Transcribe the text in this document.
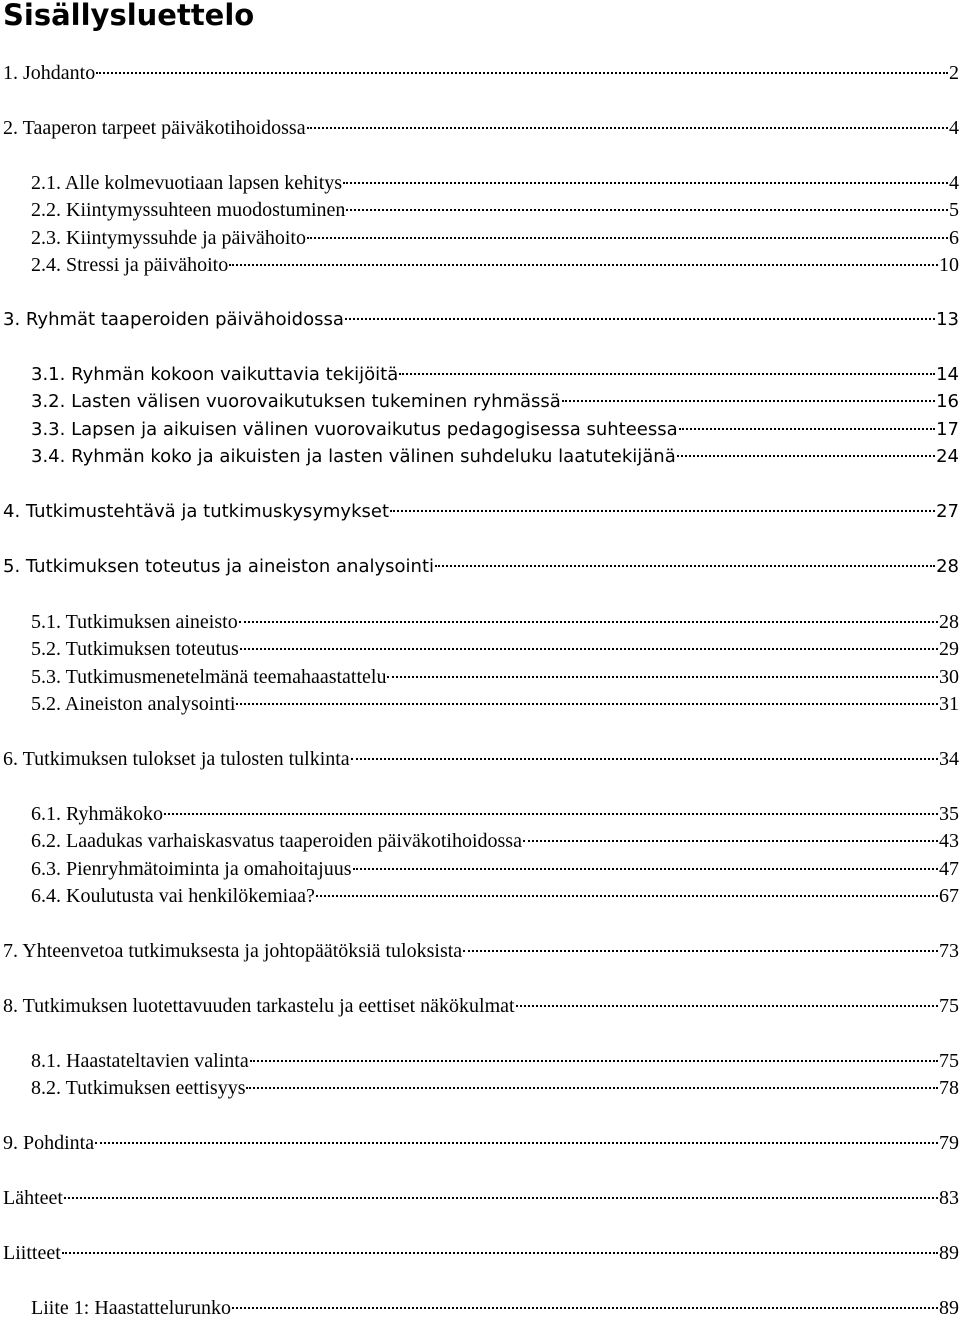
Sisällysluettelo
1. Johdanto	2
2. Taaperon tarpeet päiväkotihoidossa	4
2.1. Alle kolmevuotiaan lapsen kehitys	4
2.2. Kiintymyssuhteen muodostuminen	5
2.3. Kiintymyssuhde ja päivähoito	6
2.4. Stressi ja päivähoito	10
3. Ryhmät taaperoiden päivähoidossa	13
3.1. Ryhmän kokoon vaikuttavia tekijöitä	14
3.2. Lasten välisen vuorovaikutuksen tukeminen ryhmässä	16
3.3. Lapsen ja aikuisen välinen vuorovaikutus pedagogisessa suhteessa	17
3.4. Ryhmän koko ja aikuisten ja lasten välinen suhdeluku laatutekijänä	24
4. Tutkimustehtävä ja tutkimuskysymykset	27
5. Tutkimuksen toteutus ja aineiston analysointi	28
5.1. Tutkimuksen aineisto	28
5.2. Tutkimuksen toteutus	29
5.3. Tutkimusmenetelmänä teemahaastattelu	30
5.2. Aineiston analysointi	31
6. Tutkimuksen tulokset ja tulosten tulkinta	34
6.1. Ryhmäkoko	35
6.2. Laadukas varhaiskasvatus taaperoiden päiväkotihoidossa	43
6.3. Pienryhmätoiminta ja omahoitajuus	47
6.4. Koulutusta vai henkilökemiaa?	67
7. Yhteenvetoa tutkimuksesta ja johtopäätöksiä tuloksista	73
8. Tutkimuksen luotettavuuden tarkastelu ja eettiset näkökulmat	75
8.1. Haastateltavien valinta	75
8.2. Tutkimuksen eettisyys	78
9. Pohdinta	79
Lähteet	83
Liitteet	89
Liite 1: Haastattelurunko	89
